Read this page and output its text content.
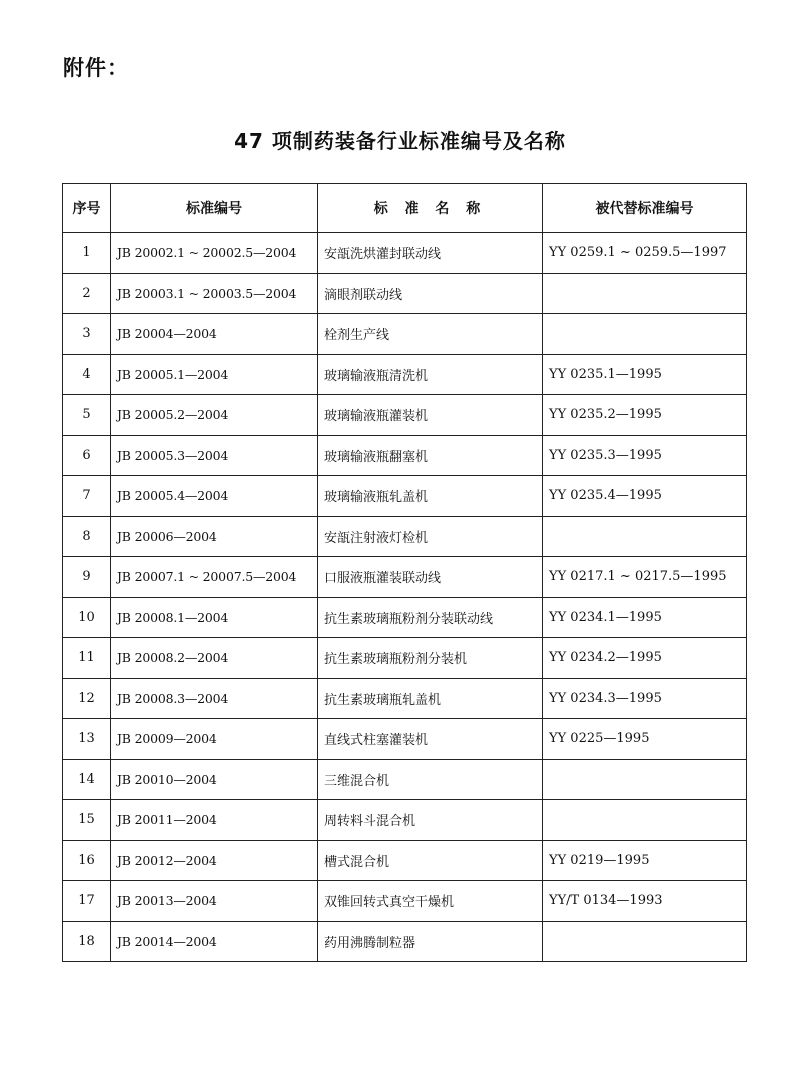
附件：
47 项制药装备行业标准编号及名称
序号	标准编号	标 准 名 称	被代替标准编号
1	JB 20002.1 ~ 20002.5—2004	安瓿洗烘灌封联动线	YY 0259.1 ~ 0259.5—1997
2	JB 20003.1 ~ 20003.5—2004	滴眼剂联动线	
3	JB 20004—2004	栓剂生产线	
4	JB 20005.1—2004	玻璃输液瓶清洗机	YY 0235.1—1995
5	JB 20005.2—2004	玻璃输液瓶灌装机	YY 0235.2—1995
6	JB 20005.3—2004	玻璃输液瓶翻塞机	YY 0235.3—1995
7	JB 20005.4—2004	玻璃输液瓶轧盖机	YY 0235.4—1995
8	JB 20006—2004	安瓿注射液灯检机	
9	JB 20007.1 ~ 20007.5—2004	口服液瓶灌装联动线	YY 0217.1 ~ 0217.5—1995
10	JB 20008.1—2004	抗生素玻璃瓶粉剂分装联动线	YY 0234.1—1995
11	JB 20008.2—2004	抗生素玻璃瓶粉剂分装机	YY 0234.2—1995
12	JB 20008.3—2004	抗生素玻璃瓶轧盖机	YY 0234.3—1995
13	JB 20009—2004	直线式柱塞灌装机	YY 0225—1995
14	JB 20010—2004	三维混合机	
15	JB 20011—2004	周转料斗混合机	
16	JB 20012—2004	槽式混合机	YY 0219—1995
17	JB 20013—2004	双锥回转式真空干燥机	YY/T 0134—1993
18	JB 20014—2004	药用沸腾制粒器	
